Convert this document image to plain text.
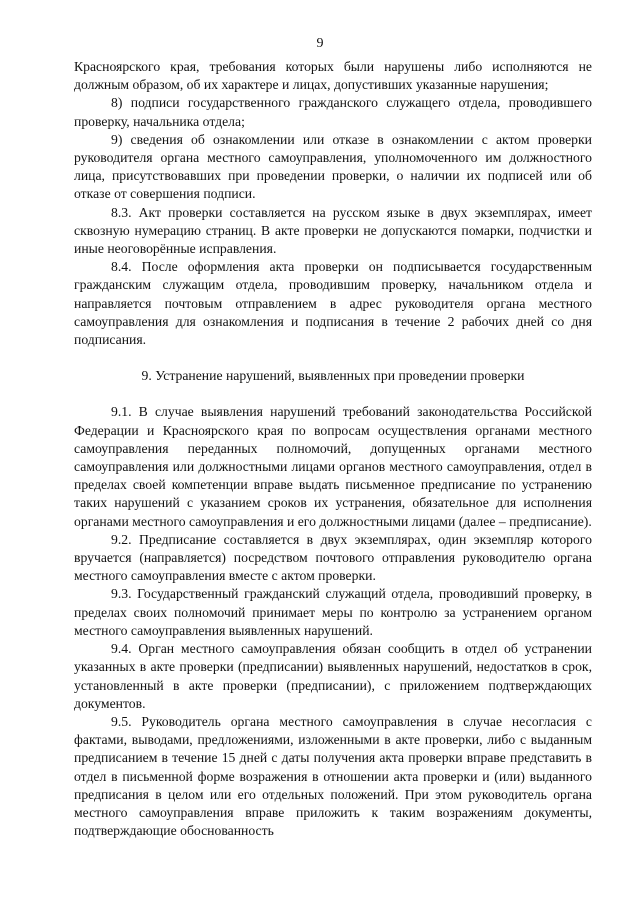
9

Красноярского края, требования которых были нарушены либо исполняются не должным образом, об их характере и лицах, допустивших указанные нарушения;

8) подписи государственного гражданского служащего отдела, проводившего проверку, начальника отдела;

9) сведения об ознакомлении или отказе в ознакомлении с актом проверки руководителя органа местного самоуправления, уполномоченного им должностного лица, присутствовавших при проведении проверки, о наличии их подписей или об отказе от совершения подписи.

8.3. Акт проверки составляется на русском языке в двух экземплярах, имеет сквозную нумерацию страниц. В акте проверки не допускаются помарки, подчистки и иные неоговорённые исправления.

8.4. После оформления акта проверки он подписывается государственным гражданским служащим отдела, проводившим проверку, начальником отдела и направляется почтовым отправлением в адрес руководителя органа местного самоуправления для ознакомления и подписания в течение 2 рабочих дней со дня подписания.

9. Устранение нарушений, выявленных при проведении проверки

9.1. В случае выявления нарушений требований законодательства Российской Федерации и Красноярского края по вопросам осуществления органами местного самоуправления переданных полномочий, допущенных органами местного самоуправления или должностными лицами органов местного самоуправления, отдел в пределах своей компетенции вправе выдать письменное предписание по устранению таких нарушений с указанием сроков их устранения, обязательное для исполнения органами местного самоуправления и его должностными лицами (далее – предписание).

9.2. Предписание составляется в двух экземплярах, один экземпляр которого вручается (направляется) посредством почтового отправления руководителю органа местного самоуправления вместе с актом проверки.

9.3. Государственный гражданский служащий отдела, проводивший проверку, в пределах своих полномочий принимает меры по контролю за устранением органом местного самоуправления выявленных нарушений.

9.4. Орган местного самоуправления обязан сообщить в отдел об устранении указанных в акте проверки (предписании) выявленных нарушений, недостатков в срок, установленный в акте проверки (предписании), с приложением подтверждающих документов.

9.5. Руководитель органа местного самоуправления в случае несогласия с фактами, выводами, предложениями, изложенными в акте проверки, либо с выданным предписанием в течение 15 дней с даты получения акта проверки вправе представить в отдел в письменной форме возражения в отношении акта проверки и (или) выданного предписания в целом или его отдельных положений. При этом руководитель органа местного самоуправления вправе приложить к таким возражениям документы, подтверждающие обоснованность
